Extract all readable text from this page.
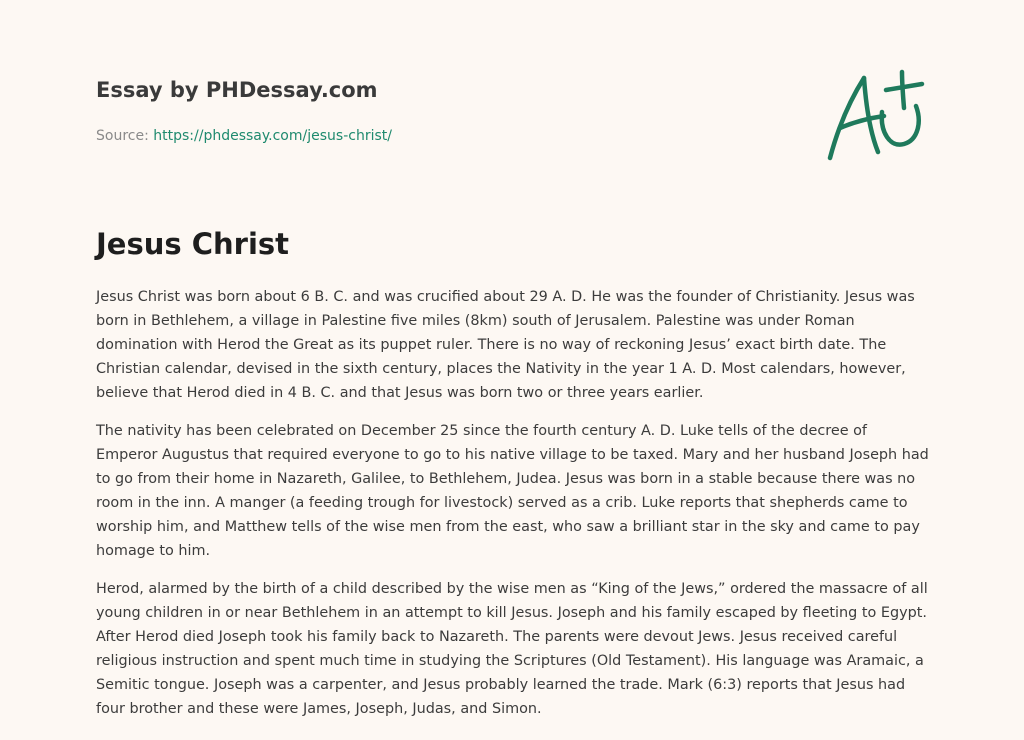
Essay by PHDessay.com
Source: https://phdessay.com/jesus-christ/
Jesus Christ

Jesus Christ was born about 6 B. C. and was crucified about 29 A. D. He was the founder of Christianity. Jesus was born in Bethlehem, a village in Palestine five miles (8km) south of Jerusalem. Palestine was under Roman domination with Herod the Great as its puppet ruler. There is no way of reckoning Jesus’ exact birth date. The Christian calendar, devised in the sixth century, places the Nativity in the year 1 A. D. Most calendars, however, believe that Herod died in 4 B. C. and that Jesus was born two or three years earlier.

The nativity has been celebrated on December 25 since the fourth century A. D. Luke tells of the decree of Emperor Augustus that required everyone to go to his native village to be taxed. Mary and her husband Joseph had to go from their home in Nazareth, Galilee, to Bethlehem, Judea. Jesus was born in a stable because there was no room in the inn. A manger (a feeding trough for livestock) served as a crib. Luke reports that shepherds came to worship him, and Matthew tells of the wise men from the east, who saw a brilliant star in the sky and came to pay homage to him.

Herod, alarmed by the birth of a child described by the wise men as “King of the Jews,” ordered the massacre of all young children in or near Bethlehem in an attempt to kill Jesus. Joseph and his family escaped by fleeting to Egypt. After Herod died Joseph took his family back to Nazareth. The parents were devout Jews. Jesus received careful religious instruction and spent much time in studying the Scriptures (Old Testament). His language was Aramaic, a Semitic tongue. Joseph was a carpenter, and Jesus probably learned the trade. Mark (6:3) reports that Jesus had four brother and these were James, Joseph, Judas, and Simon.
